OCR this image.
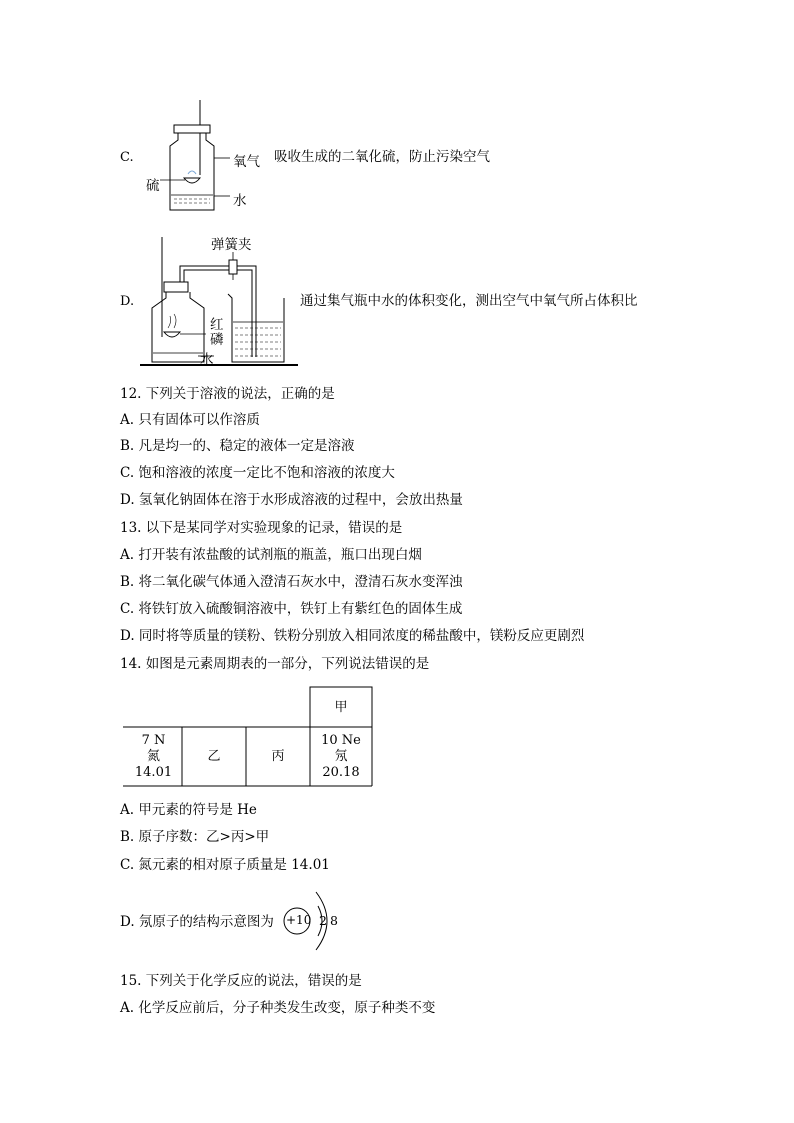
C.	氧气
硫
水
吸收生成的二氧化硫，防止污染空气
D.
弹簧夹
红
磷
水
通过集气瓶中水的体积变化，测出空气中氧气所占体积比
12. 下列关于溶液的说法，正确的是
A. 只有固体可以作溶质
B. 凡是均一的、稳定的液体一定是溶液
C. 饱和溶液的浓度一定比不饱和溶液的浓度大
D. 氢氧化钠固体在溶于水形成溶液的过程中，会放出热量
13. 以下是某同学对实验现象的记录，错误的是
A. 打开装有浓盐酸的试剂瓶的瓶盖，瓶口出现白烟
B. 将二氧化碳气体通入澄清石灰水中，澄清石灰水变浑浊
C. 将铁钉放入硫酸铜溶液中，铁钉上有紫红色的固体生成
D. 同时将等质量的镁粉、铁粉分别放入相同浓度的稀盐酸中，镁粉反应更剧烈
14. 如图是元素周期表的一部分，下列说法错误的是
甲
7 N
氮
14.01
乙	丙
10 Ne
氖
20.18
A. 甲元素的符号是 He
B. 原子序数：乙>丙>甲
C. 氮元素的相对原子质量是 14.01
D. 氖原子的结构示意图为 +10 2 8
15. 下列关于化学反应的说法，错误的是
A. 化学反应前后，分子种类发生改变，原子种类不变
